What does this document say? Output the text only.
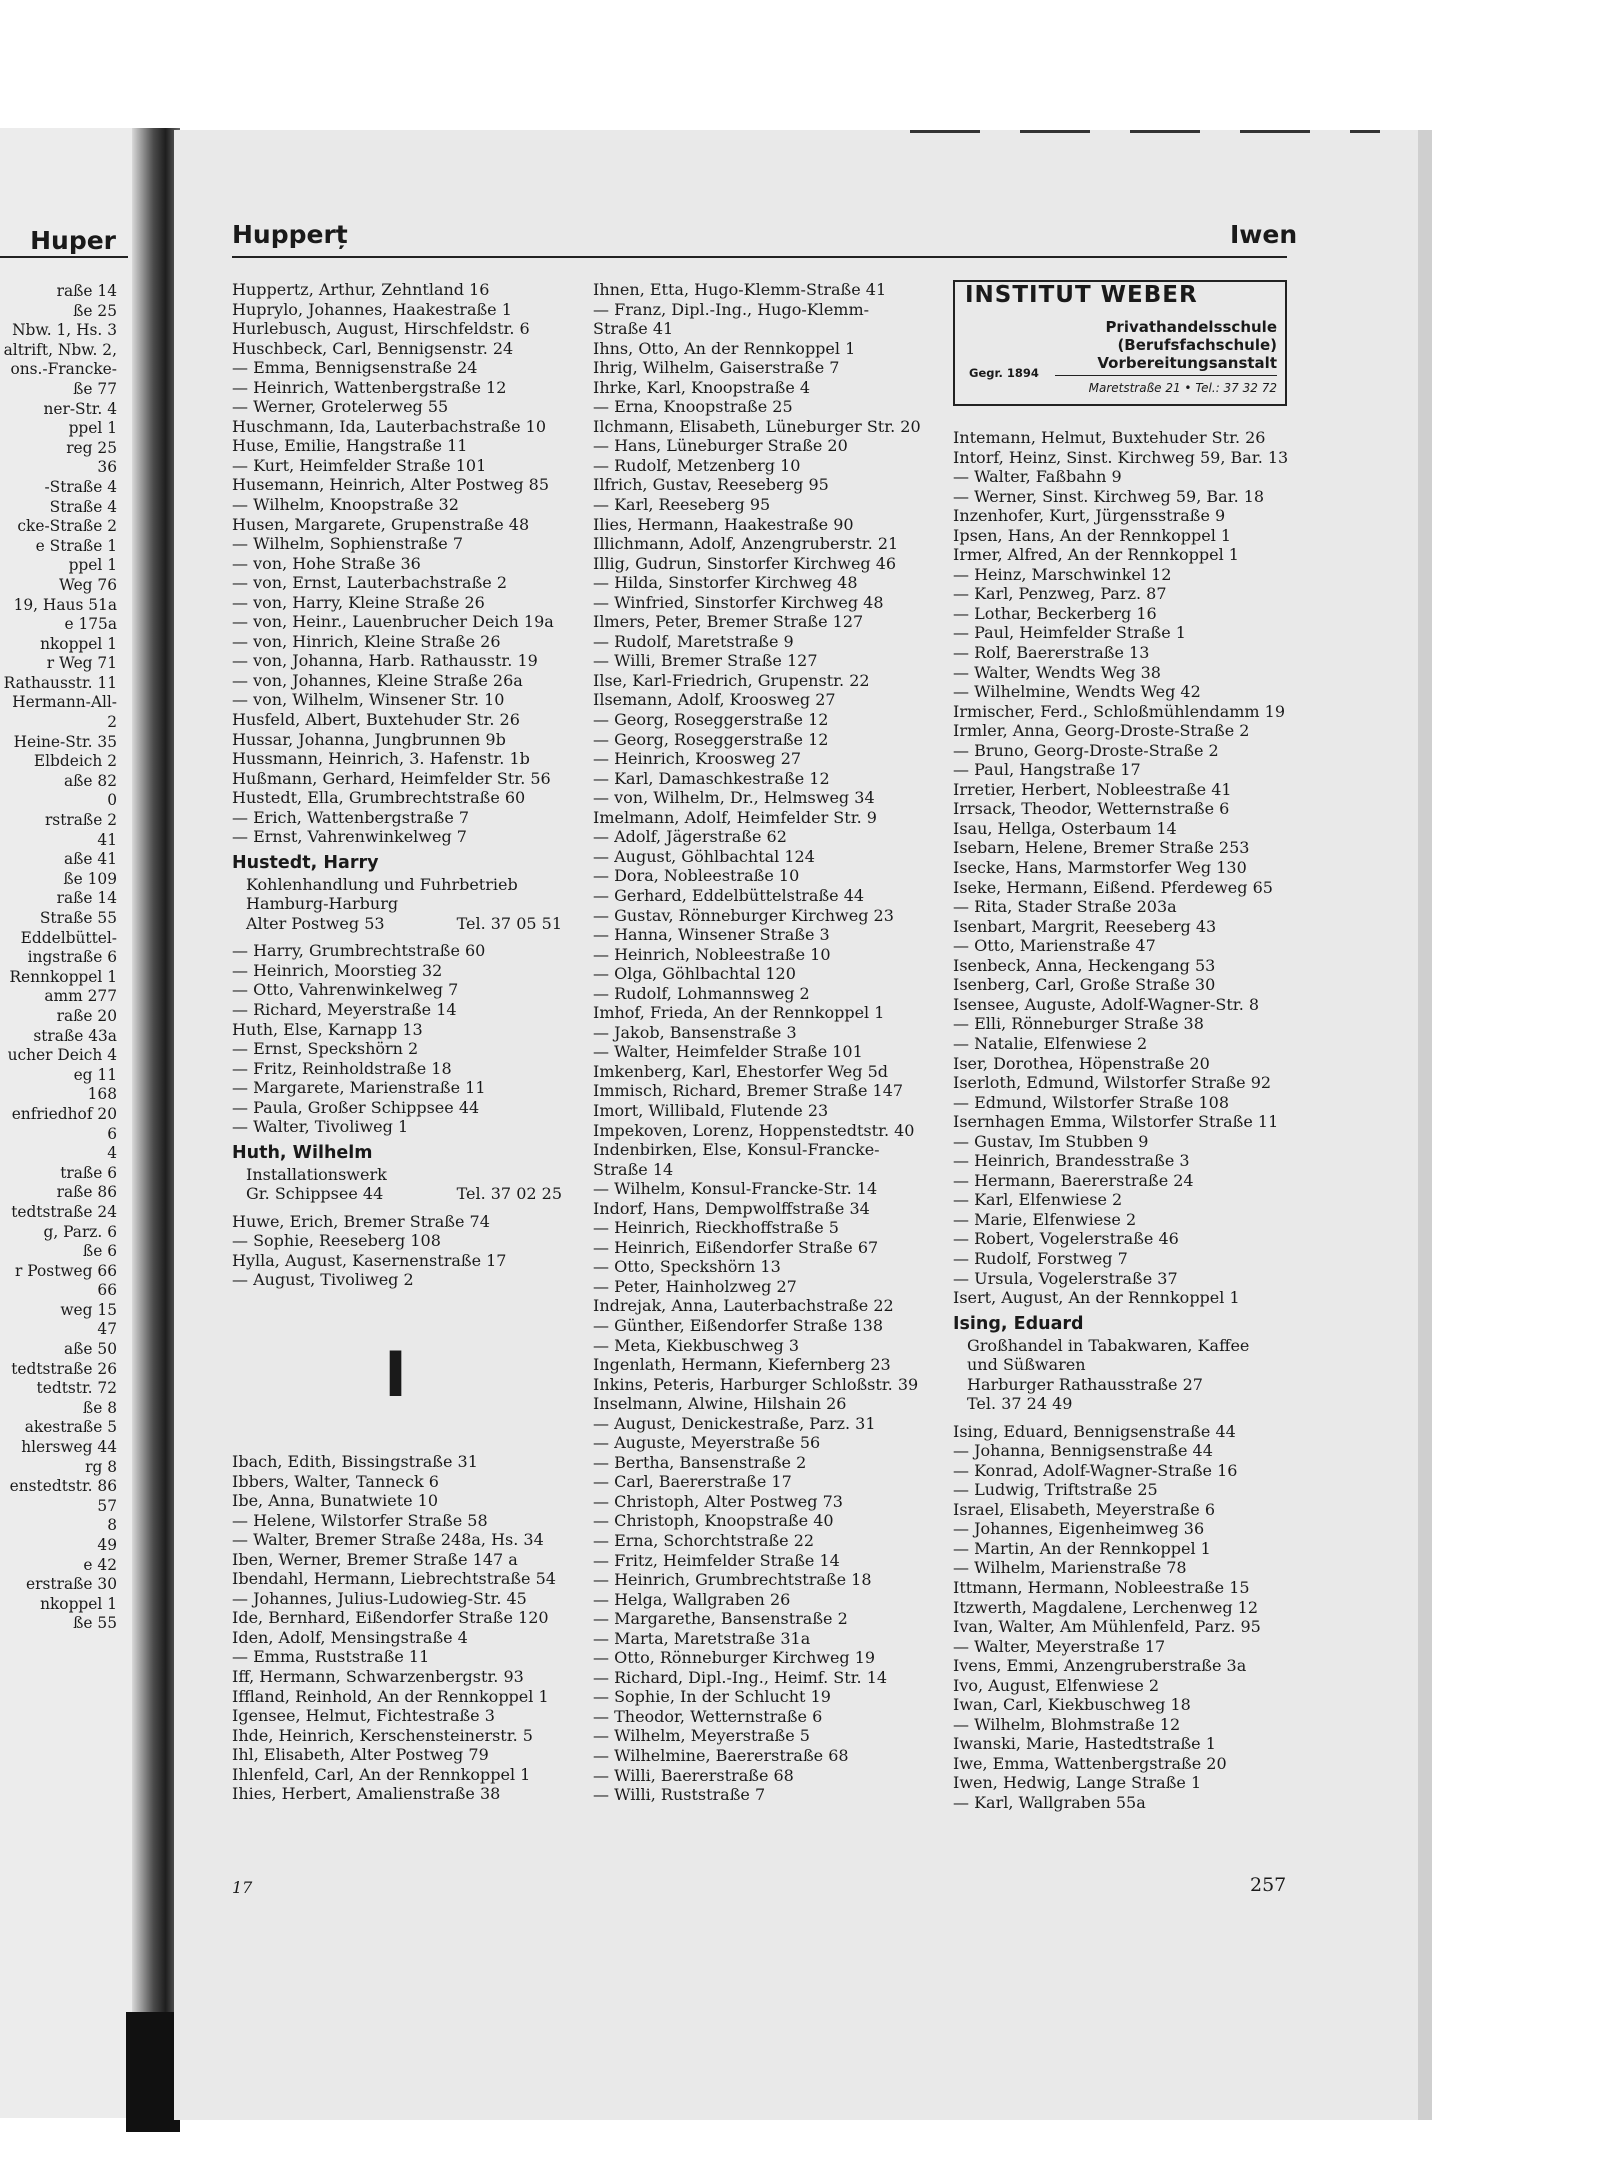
Huper
raße 14
ße 25
Nbw. 1, Hs. 3
altrift, Nbw. 2,
ons.-Francke-
ße 77
ner-Str. 4
ppel 1
reg 25
36
-Straße 4
Straße 4
cke-Straße 2
e Straße 1
ppel 1
Weg 76
19, Haus 51a
e 175a
nkoppel 1
r Weg 71
Rathausstr. 11
Hermann-All-
2
Heine-Str. 35
Elbdeich 2
aße 82
0
rstraße 2
41
aße 41
ße 109
raße 14
Straße 55
Eddelbüttel-
ingstraße 6
Rennkoppel 1
amm 277
raße 20
straße 43a
ucher Deich 4
eg 11
168
enfriedhof 20
6
4
traße 6
raße 86
tedtstraße 24
g, Parz. 6
ße 6
r Postweg 66
66
weg 15
47
aße 50
tedtstraße 26
tedtstr. 72
ße 8
akestraße 5
hlersweg 44
rg 8
enstedtstr. 86
57
8
49
e 42
erstraße 30
nkoppel 1
ße 55
Hupperț	Iwen
Huppertz, Arthur, Zehntland 16
Huprylo, Johannes, Haakestraße 1
Hurlebusch, August, Hirschfeldstr. 6
Huschbeck, Carl, Bennigsenstr. 24
— Emma, Bennigsenstraße 24
— Heinrich, Wattenbergstraße 12
— Werner, Grotelerweg 55
Huschmann, Ida, Lauterbachstraße 10
Huse, Emilie, Hangstraße 11
— Kurt, Heimfelder Straße 101
Husemann, Heinrich, Alter Postweg 85
— Wilhelm, Knoopstraße 32
Husen, Margarete, Grupenstraße 48
— Wilhelm, Sophienstraße 7
— von, Hohe Straße 36
— von, Ernst, Lauterbachstraße 2
— von, Harry, Kleine Straße 26
— von, Heinr., Lauenbrucher Deich 19a
— von, Hinrich, Kleine Straße 26
— von, Johanna, Harb. Rathausstr. 19
— von, Johannes, Kleine Straße 26a
— von, Wilhelm, Winsener Str. 10
Husfeld, Albert, Buxtehuder Str. 26
Hussar, Johanna, Jungbrunnen 9b
Hussmann, Heinrich, 3. Hafenstr. 1b
Hußmann, Gerhard, Heimfelder Str. 56
Hustedt, Ella, Grumbrechtstraße 60
— Erich, Wattenbergstraße 7
— Ernst, Vahrenwinkelweg 7
Hustedt, Harry
Kohlenhandlung und Fuhrbetrieb
Hamburg-Harburg
Alter Postweg 53	Tel. 37 05 51
— Harry, Grumbrechtstraße 60
— Heinrich, Moorstieg 32
— Otto, Vahrenwinkelweg 7
— Richard, Meyerstraße 14
Huth, Else, Karnapp 13
— Ernst, Speckshörn 2
— Fritz, Reinholdstraße 18
— Margarete, Marienstraße 11
— Paula, Großer Schippsee 44
— Walter, Tivoliweg 1
Huth, Wilhelm
Installationswerk
Gr. Schippsee 44	Tel. 37 02 25
Huwe, Erich, Bremer Straße 74
— Sophie, Reeseberg 108
Hylla, August, Kasernenstraße 17
— August, Tivoliweg 2
I
Ibach, Edith, Bissingstraße 31
Ibbers, Walter, Tanneck 6
Ibe, Anna, Bunatwiete 10
— Helene, Wilstorfer Straße 58
— Walter, Bremer Straße 248a, Hs. 34
Iben, Werner, Bremer Straße 147 a
Ibendahl, Hermann, Liebrechtstraße 54
— Johannes, Julius-Ludowieg-Str. 45
Ide, Bernhard, Eißendorfer Straße 120
Iden, Adolf, Mensingstraße 4
— Emma, Ruststraße 11
Iff, Hermann, Schwarzenbergstr. 93
Iffland, Reinhold, An der Rennkoppel 1
Igensee, Helmut, Fichtestraße 3
Ihde, Heinrich, Kerschensteinerstr. 5
Ihl, Elisabeth, Alter Postweg 79
Ihlenfeld, Carl, An der Rennkoppel 1
Ihies, Herbert, Amalienstraße 38
Ihnen, Etta, Hugo-Klemm-Straße 41
— Franz, Dipl.-Ing., Hugo-Klemm-
Straße 41
Ihns, Otto, An der Rennkoppel 1
Ihrig, Wilhelm, Gaiserstraße 7
Ihrke, Karl, Knoopstraße 4
— Erna, Knoopstraße 25
Ilchmann, Elisabeth, Lüneburger Str. 20
— Hans, Lüneburger Straße 20
— Rudolf, Metzenberg 10
Ilfrich, Gustav, Reeseberg 95
— Karl, Reeseberg 95
Ilies, Hermann, Haakestraße 90
Illichmann, Adolf, Anzengruberstr. 21
Illig, Gudrun, Sinstorfer Kirchweg 46
— Hilda, Sinstorfer Kirchweg 48
— Winfried, Sinstorfer Kirchweg 48
Ilmers, Peter, Bremer Straße 127
— Rudolf, Maretstraße 9
— Willi, Bremer Straße 127
Ilse, Karl-Friedrich, Grupenstr. 22
Ilsemann, Adolf, Kroosweg 27
— Georg, Roseggerstraße 12
— Georg, Roseggerstraße 12
— Heinrich, Kroosweg 27
— Karl, Damaschkestraße 12
— von, Wilhelm, Dr., Helmsweg 34
Imelmann, Adolf, Heimfelder Str. 9
— Adolf, Jägerstraße 62
— August, Göhlbachtal 124
— Dora, Nobleestraße 10
— Gerhard, Eddelbüttelstraße 44
— Gustav, Rönneburger Kirchweg 23
— Hanna, Winsener Straße 3
— Heinrich, Nobleestraße 10
— Olga, Göhlbachtal 120
— Rudolf, Lohmannsweg 2
Imhof, Frieda, An der Rennkoppel 1
— Jakob, Bansenstraße 3
— Walter, Heimfelder Straße 101
Imkenberg, Karl, Ehestorfer Weg 5d
Immisch, Richard, Bremer Straße 147
Imort, Willibald, Flutende 23
Impekoven, Lorenz, Hoppenstedtstr. 40
Indenbirken, Else, Konsul-Francke-
Straße 14
— Wilhelm, Konsul-Francke-Str. 14
Indorf, Hans, Dempwolffstraße 34
— Heinrich, Rieckhoffstraße 5
— Heinrich, Eißendorfer Straße 67
— Otto, Speckshörn 13
— Peter, Hainholzweg 27
Indrejak, Anna, Lauterbachstraße 22
— Günther, Eißendorfer Straße 138
— Meta, Kiekbuschweg 3
Ingenlath, Hermann, Kiefernberg 23
Inkins, Peteris, Harburger Schloßstr. 39
Inselmann, Alwine, Hilshain 26
— August, Denickestraße, Parz. 31
— Auguste, Meyerstraße 56
— Bertha, Bansenstraße 2
— Carl, Baererstraße 17
— Christoph, Alter Postweg 73
— Christoph, Knoopstraße 40
— Erna, Schorchtstraße 22
— Fritz, Heimfelder Straße 14
— Heinrich, Grumbrechtstraße 18
— Helga, Wallgraben 26
— Margarethe, Bansenstraße 2
— Marta, Maretstraße 31a
— Otto, Rönneburger Kirchweg 19
— Richard, Dipl.-Ing., Heimf. Str. 14
— Sophie, In der Schlucht 19
— Theodor, Wetternstraße 6
— Wilhelm, Meyerstraße 5
— Wilhelmine, Baererstraße 68
— Willi, Baererstraße 68
— Willi, Ruststraße 7
INSTITUT WEBER
Privathandelsschule
(Berufsfachschule)
Vorbereitungsanstalt
Gegr. 1894
Maretstraße 21 • Tel.: 37 32 72
Intemann, Helmut, Buxtehuder Str. 26
Intorf, Heinz, Sinst. Kirchweg 59, Bar. 13
— Walter, Faßbahn 9
— Werner, Sinst. Kirchweg 59, Bar. 18
Inzenhofer, Kurt, Jürgensstraße 9
Ipsen, Hans, An der Rennkoppel 1
Irmer, Alfred, An der Rennkoppel 1
— Heinz, Marschwinkel 12
— Karl, Penzweg, Parz. 87
— Lothar, Beckerberg 16
— Paul, Heimfelder Straße 1
— Rolf, Baererstraße 13
— Walter, Wendts Weg 38
— Wilhelmine, Wendts Weg 42
Irmischer, Ferd., Schloßmühlendamm 19
Irmler, Anna, Georg-Droste-Straße 2
— Bruno, Georg-Droste-Straße 2
— Paul, Hangstraße 17
Irretier, Herbert, Nobleestraße 41
Irrsack, Theodor, Wetternstraße 6
Isau, Hellga, Osterbaum 14
Isebarn, Helene, Bremer Straße 253
Isecke, Hans, Marmstorfer Weg 130
Iseke, Hermann, Eißend. Pferdeweg 65
— Rita, Stader Straße 203a
Isenbart, Margrit, Reeseberg 43
— Otto, Marienstraße 47
Isenbeck, Anna, Heckengang 53
Isenberg, Carl, Große Straße 30
Isensee, Auguste, Adolf-Wagner-Str. 8
— Elli, Rönneburger Straße 38
— Natalie, Elfenwiese 2
Iser, Dorothea, Höpenstraße 20
Iserloth, Edmund, Wilstorfer Straße 92
— Edmund, Wilstorfer Straße 108
Isernhagen Emma, Wilstorfer Straße 11
— Gustav, Im Stubben 9
— Heinrich, Brandesstraße 3
— Hermann, Baererstraße 24
— Karl, Elfenwiese 2
— Marie, Elfenwiese 2
— Robert, Vogelerstraße 46
— Rudolf, Forstweg 7
— Ursula, Vogelerstraße 37
Isert, August, An der Rennkoppel 1
Ising, Eduard
Großhandel in Tabakwaren, Kaffee
und Süßwaren
Harburger Rathausstraße 27
Tel. 37 24 49
Ising, Eduard, Bennigsenstraße 44
— Johanna, Bennigsenstraße 44
— Konrad, Adolf-Wagner-Straße 16
— Ludwig, Triftstraße 25
Israel, Elisabeth, Meyerstraße 6
— Johannes, Eigenheimweg 36
— Martin, An der Rennkoppel 1
— Wilhelm, Marienstraße 78
Ittmann, Hermann, Nobleestraße 15
Itzwerth, Magdalene, Lerchenweg 12
Ivan, Walter, Am Mühlenfeld, Parz. 95
— Walter, Meyerstraße 17
Ivens, Emmi, Anzengruberstraße 3a
Ivo, August, Elfenwiese 2
Iwan, Carl, Kiekbuschweg 18
— Wilhelm, Blohmstraße 12
Iwanski, Marie, Hastedtstraße 1
Iwe, Emma, Wattenbergstraße 20
Iwen, Hedwig, Lange Straße 1
— Karl, Wallgraben 55a
17	257
